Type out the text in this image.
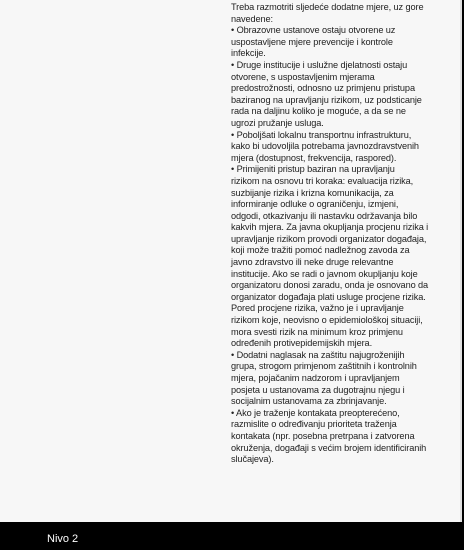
Treba razmotriti sljedeće dodatne mjere, uz gore
navedene:
• Obrazovne ustanove ostaju otvorene uz
uspostavljene mjere prevencije i kontrole
infekcije.
• Druge institucije i uslužne djelatnosti ostaju
otvorene, s uspostavljenim mjerama
predostrožnosti, odnosno uz primjenu pristupa
baziranog na upravljanju rizikom, uz podsticanje
rada na daljinu koliko je moguće, a da se ne
ugrozi pružanje usluga.
• Poboljšati lokalnu transportnu infrastrukturu,
kako bi udovoljila potrebama javnozdravstvenih
mjera (dostupnost, frekvencija, raspored).
• Primijeniti pristup baziran na upravljanju
rizikom na osnovu tri koraka: evaluacija rizika,
suzbijanje rizika i krizna komunikacija, za
informiranje odluke o ograničenju, izmjeni,
odgodi, otkazivanju ili nastavku održavanja bilo
kakvih mjera. Za javna okupljanja procjenu rizika i
upravljanje rizikom provodi organizator događaja,
koji može tražiti pomoć nadležnog zavoda za
javno zdravstvo ili neke druge relevantne
institucije. Ako se radi o javnom okupljanju koje
organizatoru donosi zaradu, onda je osnovano da
organizator događaja plati usluge procjene rizika.
Pored procjene rizika, važno je i upravljanje
rizikom koje, neovisno o epidemiološkoj situaciji,
mora svesti rizik na minimum kroz primjenu
određenih protivepidemijskih mjera.
• Dodatni naglasak na zaštitu najugroženijih
grupa, strogom primjenom zaštitnih i kontrolnih
mjera, pojačanim nadzorom i upravljanjem
posjeta u ustanovama za dugotrajnu njegu i
socijalnim ustanovama za zbrinjavanje.
• Ako je traženje kontakata preopterećeno,
razmislite o određivanju prioriteta traženja
kontakata (npr. posebna pretrpana i zatvorena
okruženja, događaji s većim brojem identificiranih
slučajeva).
Nivo 2
